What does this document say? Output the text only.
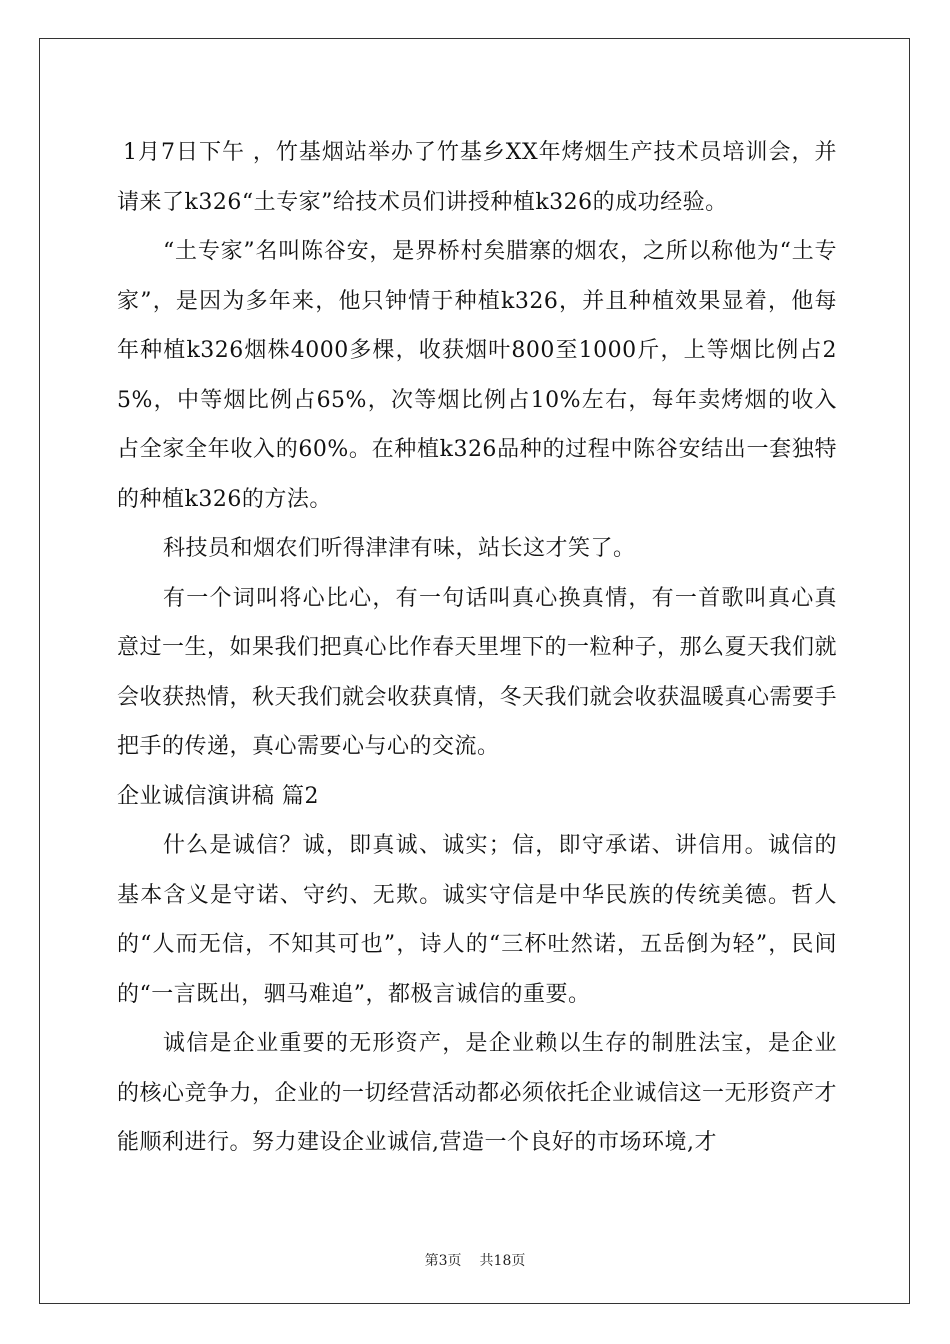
1月7日下午 ，竹基烟站举办了竹基乡XX年烤烟生产技术员培训会，并请来了k326“土专家”给技术员们讲授种植k326的成功经验。

“土专家”名叫陈谷安，是界桥村矣腊寨的烟农，之所以称他为“土专家”，是因为多年来，他只钟情于种植k326，并且种植效果显着，他每年种植k326烟株4000多棵，收获烟叶800至1000斤，上等烟比例占25%，中等烟比例占65%，次等烟比例占10%左右，每年卖烤烟的收入占全家全年收入的60%。在种植k326品种的过程中陈谷安结出一套独特的种植k326的方法。

科技员和烟农们听得津津有味，站长这才笑了。

有一个词叫将心比心，有一句话叫真心换真情，有一首歌叫真心真意过一生，如果我们把真心比作春天里埋下的一粒种子，那么夏天我们就会收获热情，秋天我们就会收获真情，冬天我们就会收获温暖真心需要手把手的传递，真心需要心与心的交流。

企业诚信演讲稿 篇2

什么是诚信？诚，即真诚、诚实；信，即守承诺、讲信用。诚信的基本含义是守诺、守约、无欺。诚实守信是中华民族的传统美德。哲人的“人而无信，不知其可也”，诗人的“三杯吐然诺，五岳倒为轻”，民间的“一言既出，驷马难追”，都极言诚信的重要。

诚信是企业重要的无形资产，是企业赖以生存的制胜法宝，是企业的核心竞争力，企业的一切经营活动都必须依托企业诚信这一无形资产才能顺利进行。努力建设企业诚信,营造一个良好的市场环境,才

第3页 共18页
